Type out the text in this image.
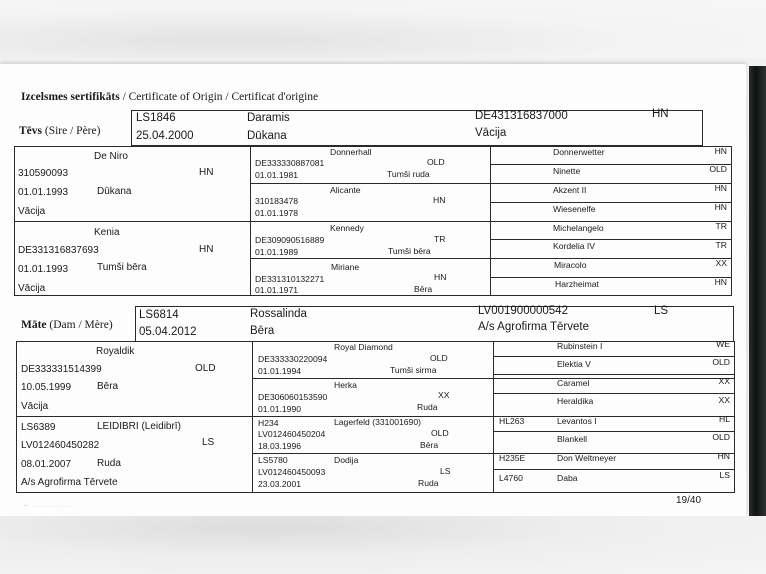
Izcelsmes sertifikāts / Certificate of Origin / Certificat d'origine
Tēvs (Sire / Père)
LS1846	Daramis	DE431316837000	HN
25.04.2000	Dūkana	Vācija
De Niro
310590093	HN
01.01.1993	Dūkana
Vācija
Kenia
DE331316837693	HN
01.01.1993	Tumši bēra
Vācija
Donnerhall
DE333330887081	OLD
01.01.1981	Tumši ruda
Alicante
310183478	HN
01.01.1978
Kennedy
DE309090516889	TR
01.01.1989	Tumši bēra
Miriane
DE331310132271	HN
01.01.1971	Bēra
Donnerwetter	HN
Ninette	OLD
Akzent II	HN
Wiesenelfe	HN
Michelangelo	TR
Kordelia IV	TR
Miracolo	XX
Harzheimat	HN
Māte (Dam / Mère)
LS6814	Rossalinda	LV001900000542	LS
05.04.2012	Bēra	A/s Agrofirma Tērvete
Royaldik
DE333331514399	OLD
10.05.1999	Bēra
Vācija
LS6389	LEIDIBRI (Leidibrī)
LV012460450282	LS
08.01.2007	Ruda
A/s Agrofirma Tērvete
Royal Diamond
DE333330220094	OLD
01.01.1994	Tumši sirma
Herka
DE306060153590	XX
01.01.1990	Ruda
H234	Lagerfeld (331001690)
LV012460450204	OLD
18.03.1996	Bēra
LS5780	Dodija
LV012460450093	LS
23.03.2001	Ruda
Rubinstein I	WE
Elektia V	OLD
Caramel	XX
Heraldika	XX
HL263	Levantos I	HL
Blankell	OLD
H235E	Don Weltmeyer	HN
L4760	Daba	LS
19/40
~ ·· ·········
